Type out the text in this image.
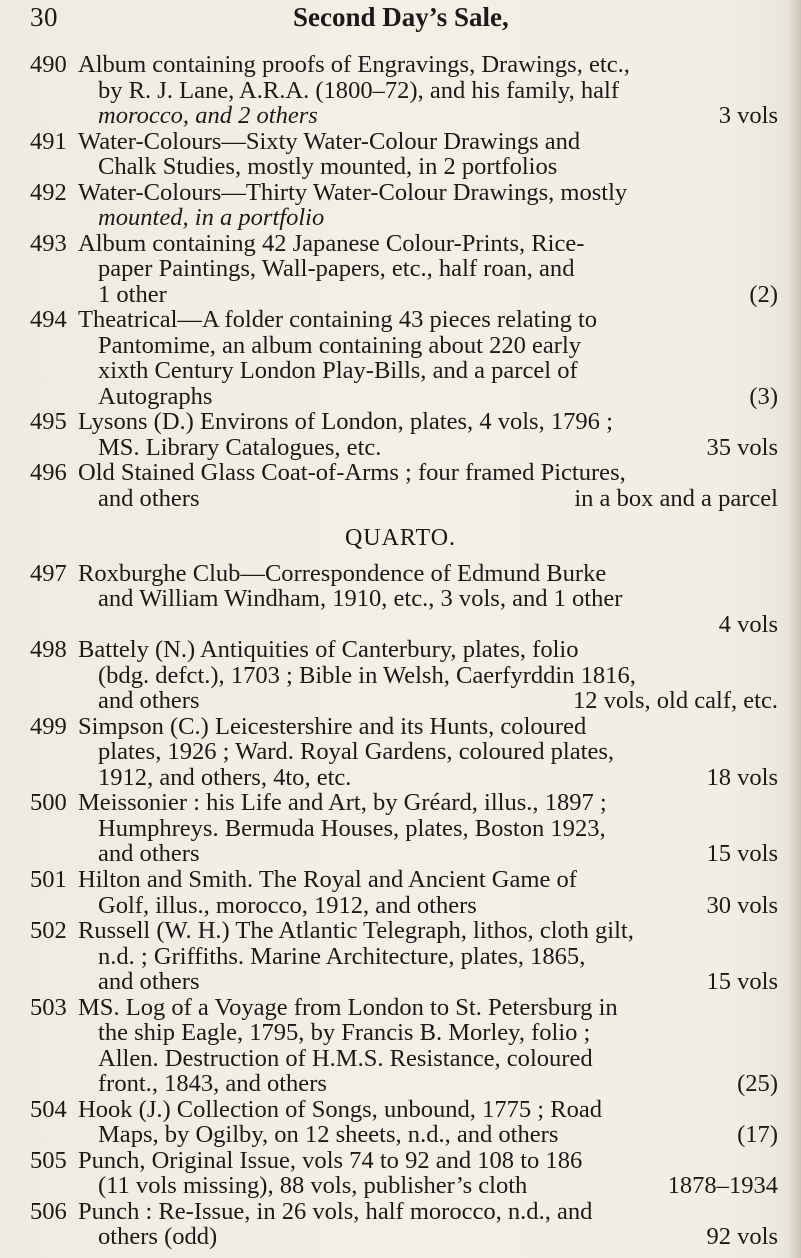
30	Second Day’s Sale,
490 Album containing proofs of Engravings, Drawings, etc.,
by R. J. Lane, A.R.A. (1800–72), and his family, half
morocco, and 2 others	3 vols
491 Water-Colours—Sixty Water-Colour Drawings and
Chalk Studies, mostly mounted, in 2 portfolios
492 Water-Colours—Thirty Water-Colour Drawings, mostly
mounted, in a portfolio
493 Album containing 42 Japanese Colour-Prints, Rice-
paper Paintings, Wall-papers, etc., half roan, and
1 other	(2)
494 Theatrical—A folder containing 43 pieces relating to
Pantomime, an album containing about 220 early
xixth Century London Play-Bills, and a parcel of
Autographs	(3)
495 Lysons (D.) Environs of London, plates, 4 vols, 1796 ;
MS. Library Catalogues, etc.	35 vols
496 Old Stained Glass Coat-of-Arms ; four framed Pictures,
and others	in a box and a parcel
QUARTO.
497 Roxburghe Club—Correspondence of Edmund Burke
and William Windham, 1910, etc., 3 vols, and 1 other
4 vols
498 Battely (N.) Antiquities of Canterbury, plates, folio
(bdg. defct.), 1703 ; Bible in Welsh, Caerfyrddin 1816,
and others	12 vols, old calf, etc.
499 Simpson (C.) Leicestershire and its Hunts, coloured
plates, 1926 ; Ward. Royal Gardens, coloured plates,
1912, and others, 4to, etc.	18 vols
500 Meissonier : his Life and Art, by Gréard, illus., 1897 ;
Humphreys. Bermuda Houses, plates, Boston 1923,
and others	15 vols
501 Hilton and Smith. The Royal and Ancient Game of
Golf, illus., morocco, 1912, and others	30 vols
502 Russell (W. H.) The Atlantic Telegraph, lithos, cloth gilt,
n.d. ; Griffiths. Marine Architecture, plates, 1865,
and others	15 vols
503 MS. Log of a Voyage from London to St. Petersburg in
the ship Eagle, 1795, by Francis B. Morley, folio ;
Allen. Destruction of H.M.S. Resistance, coloured
front., 1843, and others	(25)
504 Hook (J.) Collection of Songs, unbound, 1775 ; Road
Maps, by Ogilby, on 12 sheets, n.d., and others	(17)
505 Punch, Original Issue, vols 74 to 92 and 108 to 186
(11 vols missing), 88 vols, publisher’s cloth	1878–1934
506 Punch : Re-Issue, in 26 vols, half morocco, n.d., and
others (odd)	92 vols
